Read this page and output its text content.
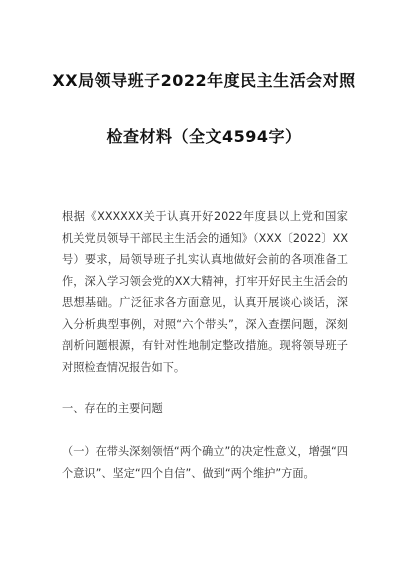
XX局领导班子2022年度民主生活会对照
检查材料（全文4594字）
根据《XXXXXX关于认真开好2022年度县以上党和国家机关党员领导干部民主生活会的通知》（XXX〔2022〕XX号）要求，局领导班子扎实认真地做好会前的各项准备工作，深入学习领会党的XX大精神，打牢开好民主生活会的思想基础。广泛征求各方面意见，认真开展谈心谈话，深入分析典型事例，对照“六个带头”，深入查摆问题，深刻剖析问题根源，有针对性地制定整改措施。现将领导班子对照检查情况报告如下。
一、存在的主要问题
（一）在带头深刻领悟“两个确立”的决定性意义，增强“四个意识”、坚定“四个自信”、做到“两个维护”方面。
